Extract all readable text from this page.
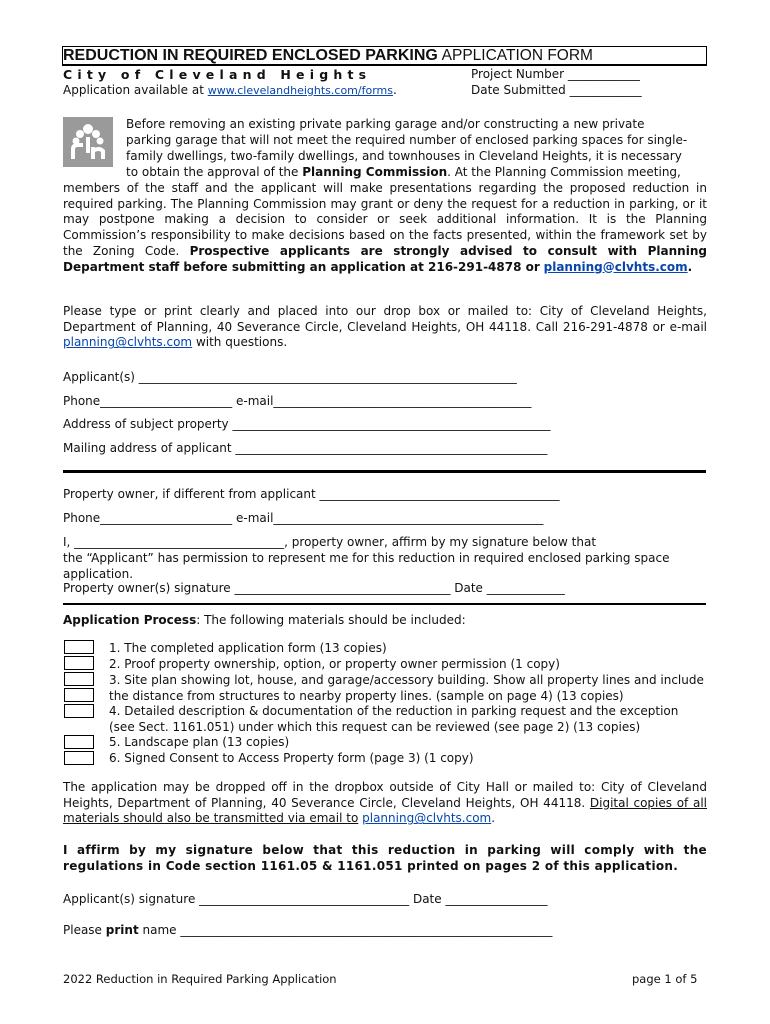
REDUCTION IN REQUIRED ENCLOSED PARKING APPLICATION FORM
City of Cleveland Heights
Application available at www.clevelandheights.com/forms.
Project Number ____________
Date Submitted ____________
Before removing an existing private parking garage and/or constructing a new private
parking garage that will not meet the required number of enclosed parking spaces for single-
family dwellings, two-family dwellings, and townhouses in Cleveland Heights, it is necessary
to obtain the approval of the Planning Commission. At the Planning Commission meeting,
members of the staff and the applicant will make presentations regarding the proposed reduction in required parking. The Planning Commission may grant or deny the request for a reduction in parking, or it may postpone making a decision to consider or seek additional information. It is the Planning Commission’s responsibility to make decisions based on the facts presented, within the framework set by the Zoning Code. Prospective applicants are strongly advised to consult with Planning Department staff before submitting an application at 216-291-4878 or planning@clvhts.com.
Please type or print clearly and placed into our drop box or mailed to: City of Cleveland Heights, Department of Planning, 40 Severance Circle, Cleveland Heights, OH 44118. Call 216-291-4878 or e-mail planning@clvhts.com with questions.
Applicant(s) _______________________________________________________________
Phone______________________ e-mail___________________________________________
Address of subject property _____________________________________________________
Mailing address of applicant ____________________________________________________
Property owner, if different from applicant ________________________________________
Phone______________________ e-mail_____________________________________________
I, ___________________________________, property owner, affirm by my signature below that
the “Applicant” has permission to represent me for this reduction in required enclosed parking space application.
Property owner(s) signature ____________________________________ Date _____________
Application Process: The following materials should be included:
1. The completed application form (13 copies)
2. Proof property ownership, option, or property owner permission (1 copy)
3. Site plan showing lot, house, and garage/accessory building. Show all property lines and include the distance from structures to nearby property lines. (sample on page 4) (13 copies)
4. Detailed description & documentation of the reduction in parking request and the exception (see Sect. 1161.051) under which this request can be reviewed (see page 2) (13 copies)
5. Landscape plan (13 copies)
6. Signed Consent to Access Property form (page 3) (1 copy)
The application may be dropped off in the dropbox outside of City Hall or mailed to: City of Cleveland Heights, Department of Planning, 40 Severance Circle, Cleveland Heights, OH 44118. Digital copies of all materials should also be transmitted via email to planning@clvhts.com.
I affirm by my signature below that this reduction in parking will comply with the regulations in Code section 1161.05 & 1161.051 printed on pages 2 of this application.
Applicant(s) signature ___________________________________ Date _________________
Please print name ______________________________________________________________
2022 Reduction in Required Parking Application	page 1 of 5
